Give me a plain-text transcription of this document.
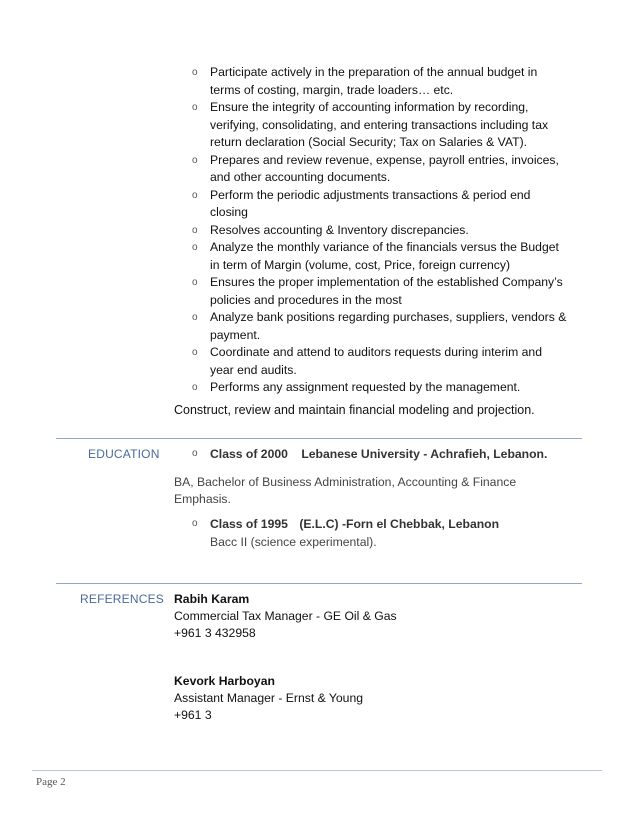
o Participate actively in the preparation of the annual budget in
terms of costing, margin, trade loaders… etc.
o Ensure the integrity of accounting information by recording,
verifying, consolidating, and entering transactions including tax
return declaration (Social Security; Tax on Salaries & VAT).
o Prepares and review revenue, expense, payroll entries, invoices,
and other accounting documents.
o Perform the periodic adjustments transactions & period end
closing
o Resolves accounting & Inventory discrepancies.
o Analyze the monthly variance of the financials versus the Budget
in term of Margin (volume, cost, Price, foreign currency)
o Ensures the proper implementation of the established Company’s
policies and procedures in the most
o Analyze bank positions regarding purchases, suppliers, vendors &
payment.
o Coordinate and attend to auditors requests during interim and
year end audits.
o Performs any assignment requested by the management.
Construct, review and maintain financial modeling and projection.
EDUCATION	o Class of 2000 Lebanese University - Achrafieh, Lebanon.
BA, Bachelor of Business Administration, Accounting & Finance Emphasis.
o Class of 1995 (E.L.C) -Forn el Chebbak, Lebanon
Bacc II (science experimental).
REFERENCES Rabih Karam
Commercial Tax Manager - GE Oil & Gas
+961 3 432958
Kevork Harboyan
Assistant Manager - Ernst & Young
+961 3
Page 2
